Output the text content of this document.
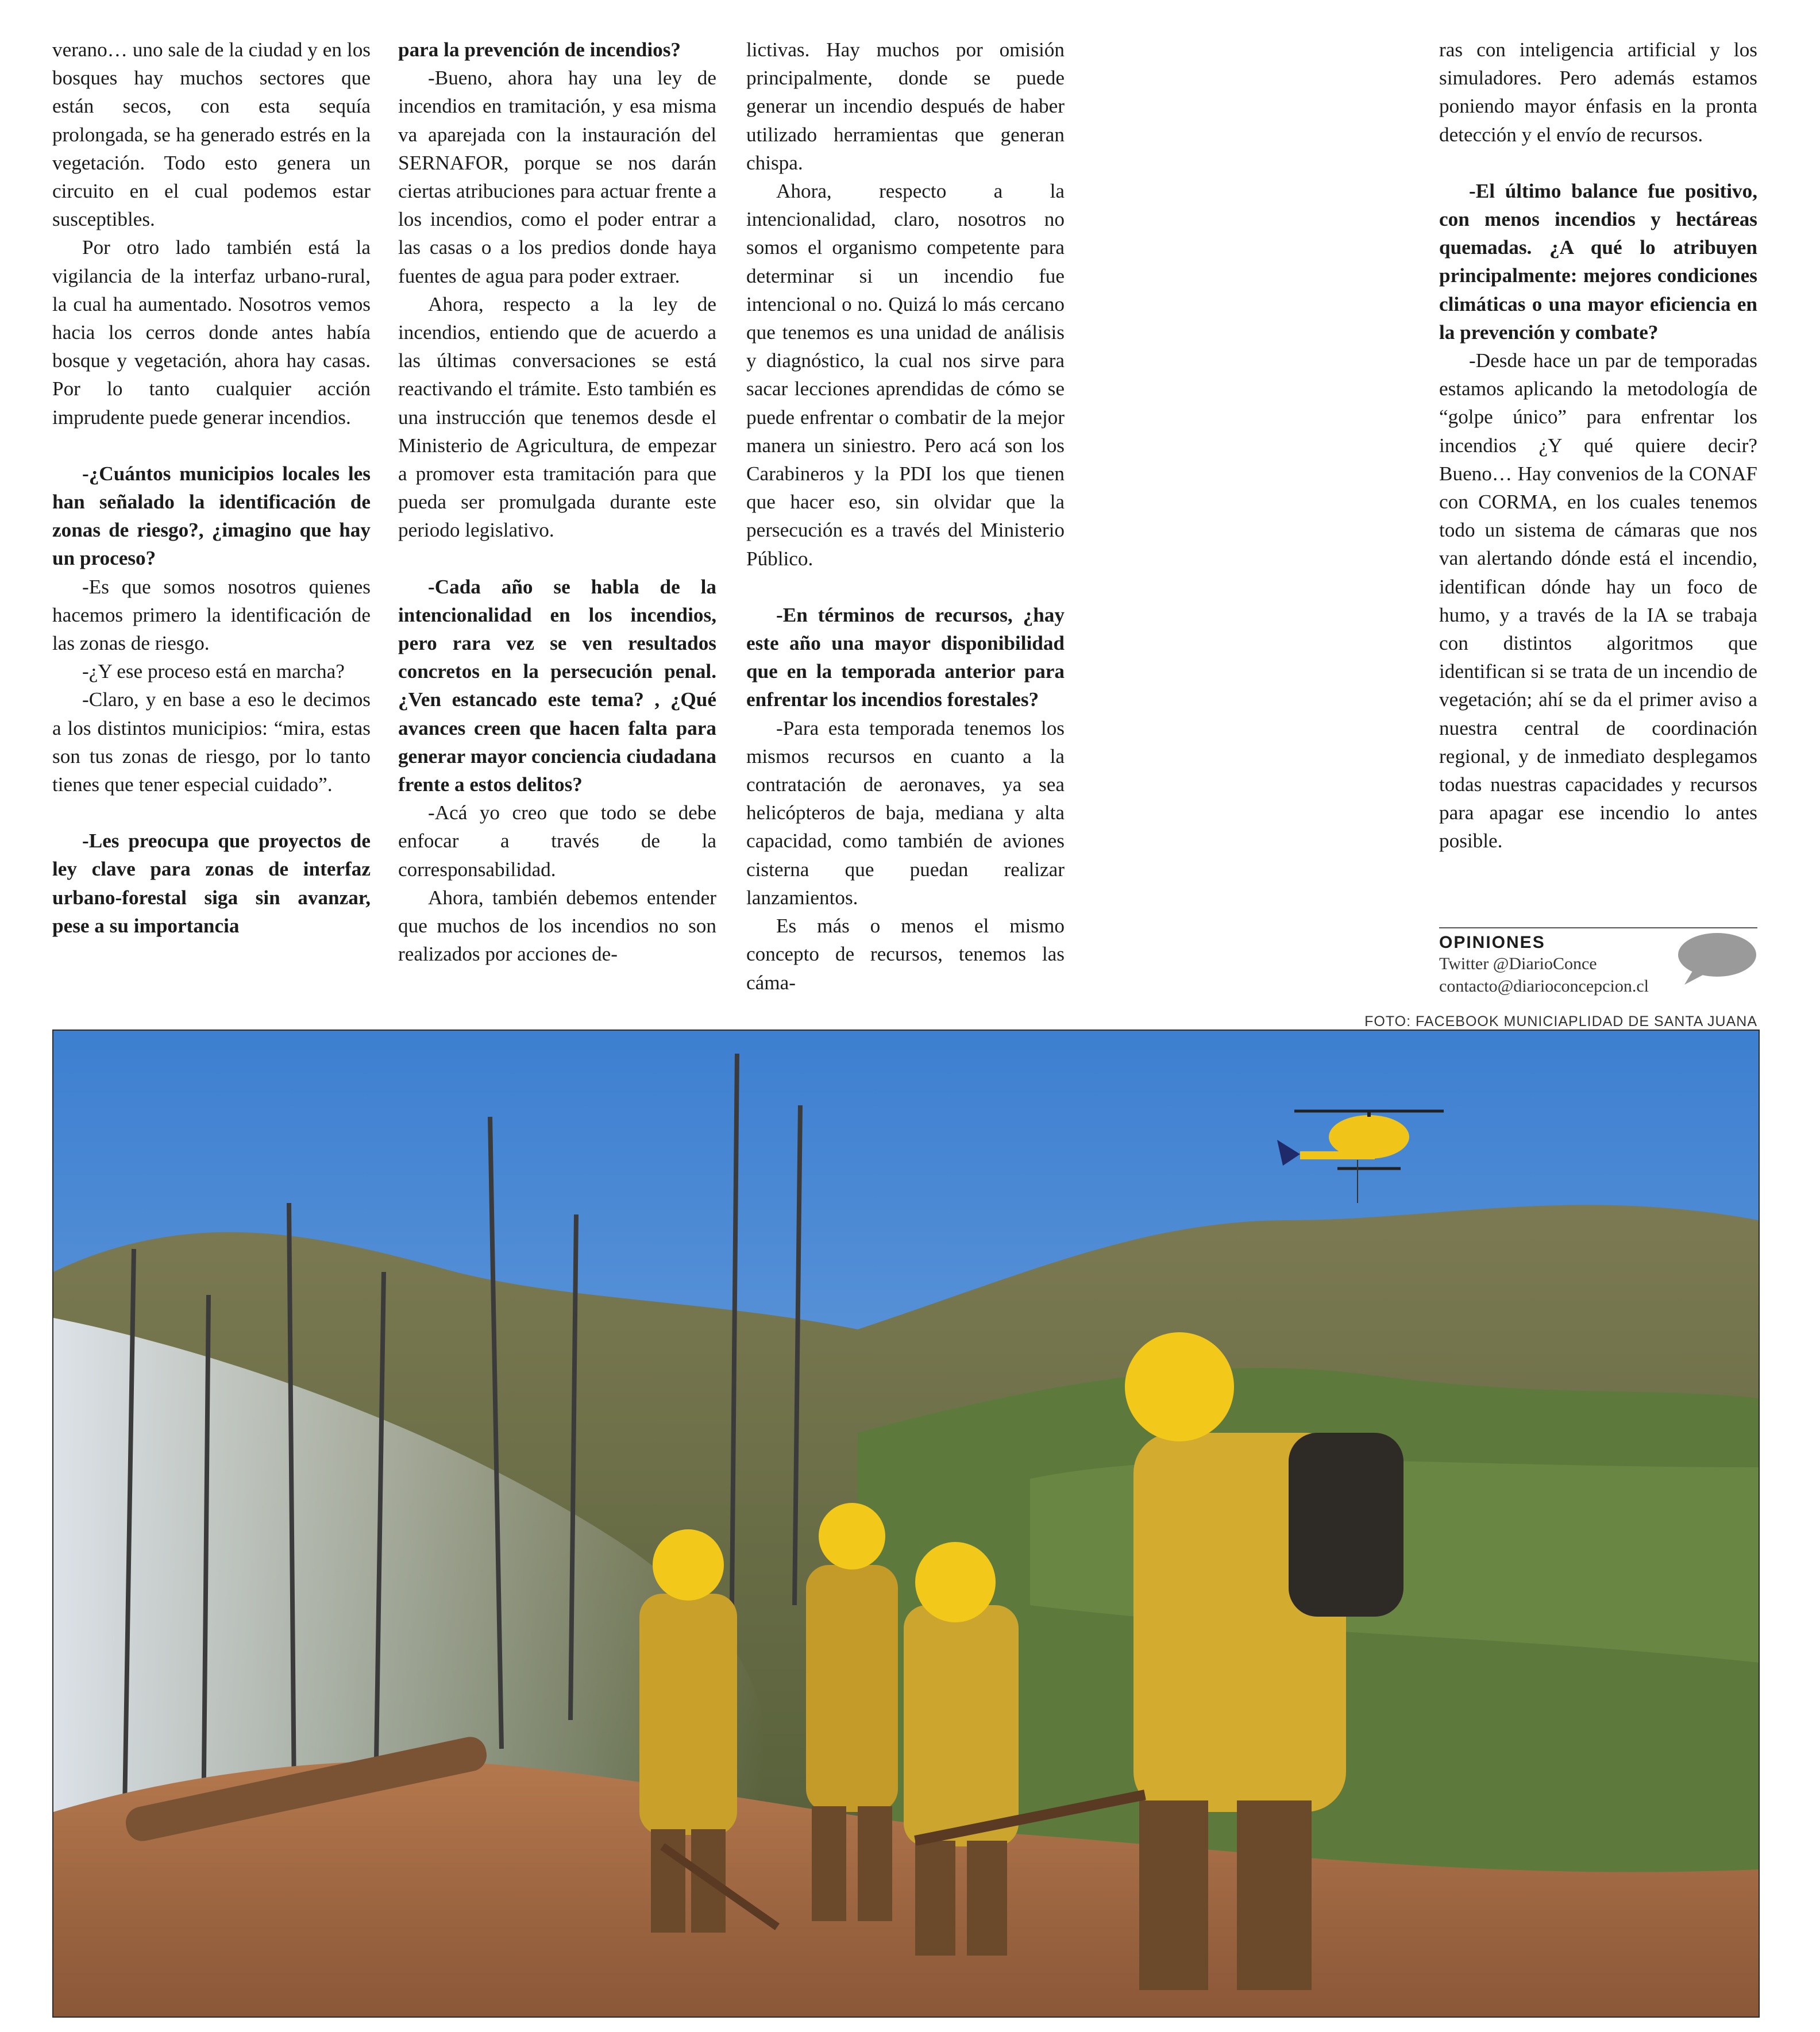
verano… uno sale de la ciudad y en los bosques hay muchos sectores que están secos, con esta sequía prolongada, se ha generado estrés en la vegetación. Todo esto genera un circuito en el cual podemos estar susceptibles.

Por otro lado también está la vigilancia de la interfaz urbano-rural, la cual ha aumentado. Nosotros vemos hacia los cerros donde antes había bosque y vegetación, ahora hay casas. Por lo tanto cualquier acción imprudente puede generar incendios.

-¿Cuántos municipios locales les han señalado la identificación de zonas de riesgo?, ¿imagino que hay un proceso?

-Es que somos nosotros quienes hacemos primero la identificación de las zonas de riesgo.

-¿Y ese proceso está en marcha?

-Claro, y en base a eso le decimos a los distintos municipios: “mira, estas son tus zonas de riesgo, por lo tanto tienes que tener especial cuidado”.

-Les preocupa que proyectos de ley clave para zonas de interfaz urbano-forestal siga sin avanzar, pese a su importancia

para la prevención de incendios?

-Bueno, ahora hay una ley de incendios en tramitación, y esa misma va aparejada con la instauración del SERNAFOR, porque se nos darán ciertas atribuciones para actuar frente a los incendios, como el poder entrar a las casas o a los predios donde haya fuentes de agua para poder extraer.

Ahora, respecto a la ley de incendios, entiendo que de acuerdo a las últimas conversaciones se está reactivando el trámite. Esto también es una instrucción que tenemos desde el Ministerio de Agricultura, de empezar a promover esta tramitación para que pueda ser promulgada durante este periodo legislativo.

-Cada año se habla de la intencionalidad en los incendios, pero rara vez se ven resultados concretos en la persecución penal. ¿Ven estancado este tema? , ¿Qué avances creen que hacen falta para generar mayor conciencia ciudadana frente a estos delitos?

-Acá yo creo que todo se debe enfocar a través de la corresponsabilidad.

Ahora, también debemos entender que muchos de los incendios no son realizados por acciones de-

lictivas. Hay muchos por omisión principalmente, donde se puede generar un incendio después de haber utilizado herramientas que generan chispa.

Ahora, respecto a la intencionalidad, claro, nosotros no somos el organismo competente para determinar si un incendio fue intencional o no. Quizá lo más cercano que tenemos es una unidad de análisis y diagnóstico, la cual nos sirve para sacar lecciones aprendidas de cómo se puede enfrentar o combatir de la mejor manera un siniestro. Pero acá son los Carabineros y la PDI los que tienen que hacer eso, sin olvidar que la persecución es a través del Ministerio Público.

-En términos de recursos, ¿hay este año una mayor disponibilidad que en la temporada anterior para enfrentar los incendios forestales?

-Para esta temporada tenemos los mismos recursos en cuanto a la contratación de aeronaves, ya sea helicópteros de baja, mediana y alta capacidad, como también de aviones cisterna que puedan realizar lanzamientos.

Es más o menos el mismo concepto de recursos, tenemos las cáma-

ras con inteligencia artificial y los simuladores. Pero además estamos poniendo mayor énfasis en la pronta detección y el envío de recursos.

-El último balance fue positivo, con menos incendios y hectáreas quemadas. ¿A qué lo atribuyen principalmente: mejores condiciones climáticas o una mayor eficiencia en la prevención y combate?

-Desde hace un par de temporadas estamos aplicando la metodología de “golpe único” para enfrentar los incendios ¿Y qué quiere decir? Bueno… Hay convenios de la CONAF con CORMA, en los cuales tenemos todo un sistema de cámaras que nos van alertando dónde está el incendio, identifican dónde hay un foco de humo, y a través de la IA se trabaja con distintos algoritmos que identifican si se trata de un incendio de vegetación; ahí se da el primer aviso a nuestra central de coordinación regional, y de inmediato desplegamos todas nuestras capacidades y recursos para apagar ese incendio lo antes posible.

OPINIONES
Twitter @DiarioConce
contacto@diarioconcepcion.cl
FOTO: FACEBOOK MUNICIAPLIDAD DE SANTA JUANA
